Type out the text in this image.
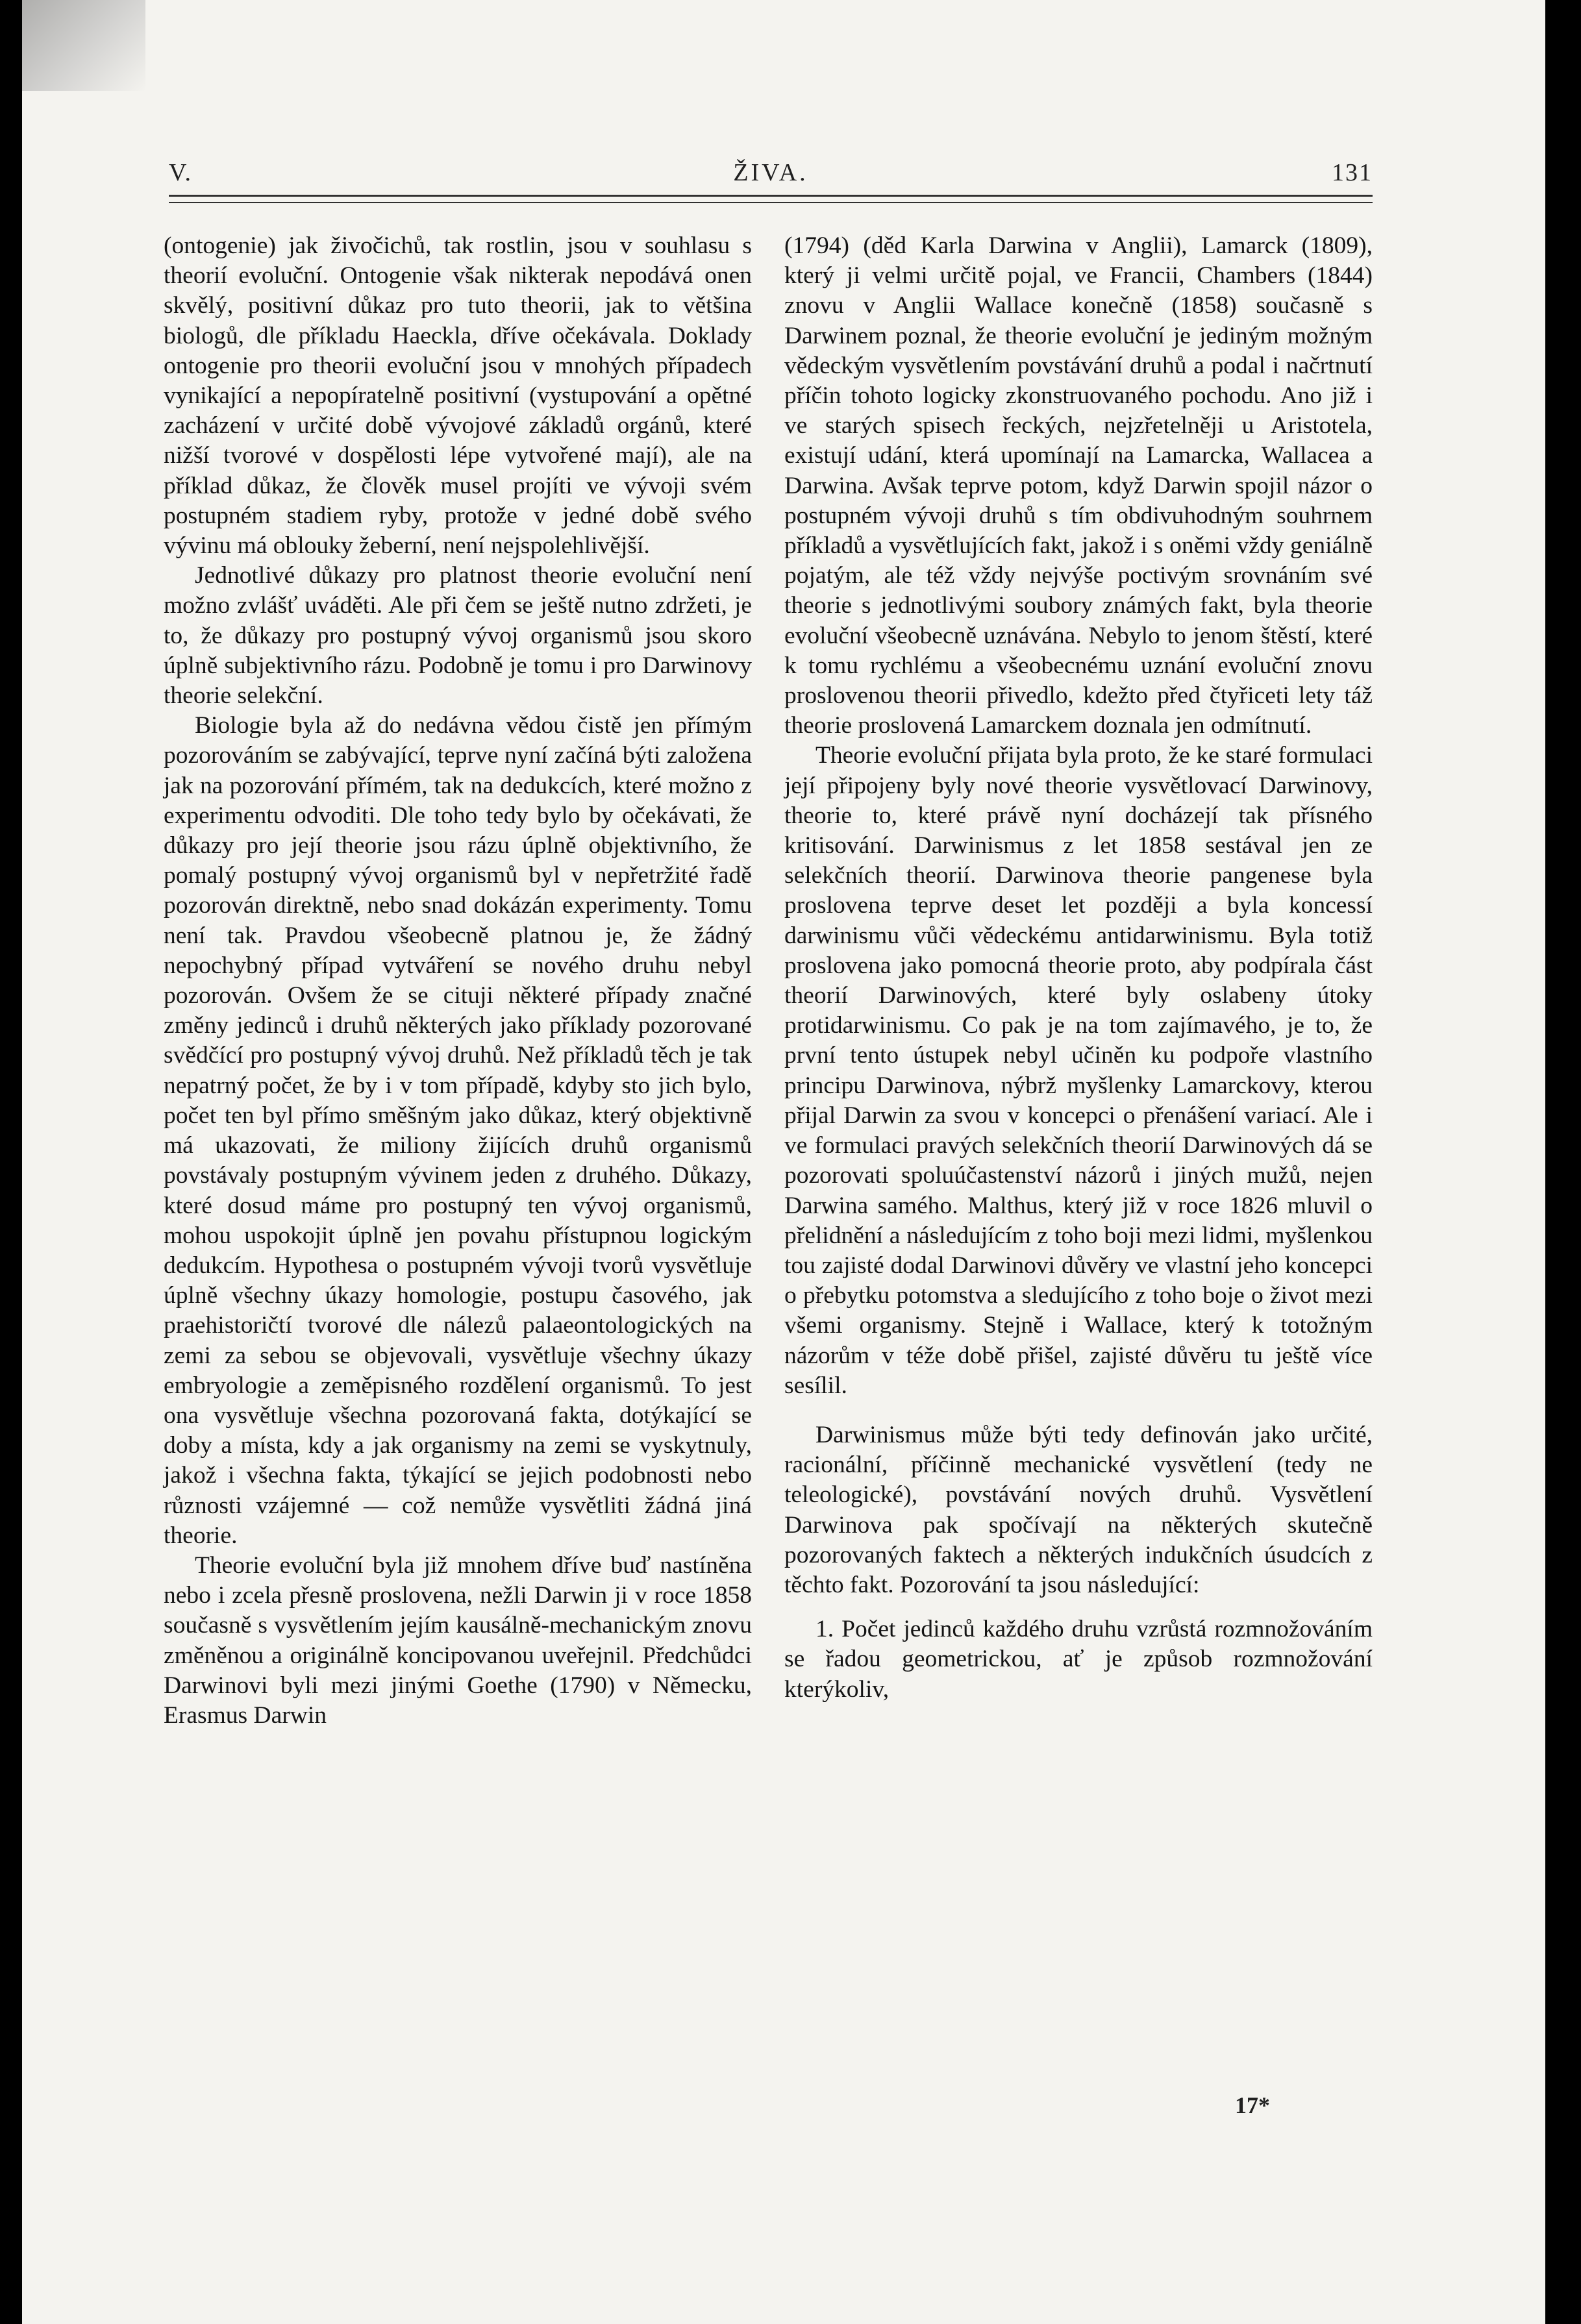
V.	ŽIVA.	131

(ontogenie) jak živočichů, tak rostlin, jsou v souhlasu s theorií evoluční. Ontogenie však nikterak nepodává onen skvělý, positivní důkaz pro tuto theorii, jak to většina biologů, dle příkladu Haeckla, dříve očekávala. Doklady ontogenie pro theorii evoluční jsou v mnohých případech vynikající a nepopíratelně positivní (vystupování a opětné zacházení v určité době vývojové základů orgánů, které nižší tvorové v dospělosti lépe vytvořené mají), ale na příklad důkaz, že člověk musel projíti ve vývoji svém postupném stadiem ryby, protože v jedné době svého vývinu má oblouky žeberní, není nejspolehlivější.

Jednotlivé důkazy pro platnost theorie evoluční není možno zvlášť uváděti. Ale při čem se ještě nutno zdržeti, je to, že důkazy pro postupný vývoj organismů jsou skoro úplně subjektivního rázu. Podobně je tomu i pro Darwinovy theorie selekční.

Biologie byla až do nedávna vědou čistě jen přímým pozorováním se zabývající, teprve nyní začíná býti založena jak na pozorování přímém, tak na dedukcích, které možno z experimentu odvoditi. Dle toho tedy bylo by očekávati, že důkazy pro její theorie jsou rázu úplně objektivního, že pomalý postupný vývoj organismů byl v nepřetržité řadě pozorován direktně, nebo snad dokázán experimenty. Tomu není tak. Pravdou všeobecně platnou je, že žádný nepochybný případ vytváření se nového druhu nebyl pozorován. Ovšem že se cituji některé případy značné změny jedinců i druhů některých jako příklady pozorované svědčící pro postupný vývoj druhů. Než příkladů těch je tak nepatrný počet, že by i v tom případě, kdyby sto jich bylo, počet ten byl přímo směšným jako důkaz, který objektivně má ukazovati, že miliony žijících druhů organismů povstávaly postupným vývinem jeden z druhého. Důkazy, které dosud máme pro postupný ten vývoj organismů, mohou uspokojit úplně jen povahu přístupnou logickým dedukcím. Hypothesa o postupném vývoji tvorů vysvětluje úplně všechny úkazy homologie, postupu časového, jak praehistoričtí tvorové dle nálezů palaeontologických na zemi za sebou se objevovali, vysvětluje všechny úkazy embryologie a zeměpisného rozdělení organismů. To jest ona vysvětluje všechna pozorovaná fakta, dotýkající se doby a místa, kdy a jak organismy na zemi se vyskytnuly, jakož i všechna fakta, týkající se jejich podobnosti nebo různosti vzájemné — což nemůže vysvětliti žádná jiná theorie.

Theorie evoluční byla již mnohem dříve buď nastíněna nebo i zcela přesně proslovena, nežli Darwin ji v roce 1858 současně s vysvětlením jejím kausálně-mechanickým znovu změněnou a originálně koncipovanou uveřejnil. Předchůdci Darwinovi byli mezi jinými Goethe (1790) v Německu, Erasmus Darwin

(1794) (děd Karla Darwina v Anglii), Lamarck (1809), který ji velmi určitě pojal, ve Francii, Chambers (1844) znovu v Anglii Wallace konečně (1858) současně s Darwinem poznal, že theorie evoluční je jediným možným vědeckým vysvětlením povstávání druhů a podal i načrtnutí příčin tohoto logicky zkonstruovaného pochodu. Ano již i ve starých spisech řeckých, nejzřetelněji u Aristotela, existují udání, která upomínají na Lamarcka, Wallacea a Darwina. Avšak teprve potom, když Darwin spojil názor o postupném vývoji druhů s tím obdivuhodným souhrnem příkladů a vysvětlujících fakt, jakož i s oněmi vždy geniálně pojatým, ale též vždy nejvýše poctivým srovnáním své theorie s jednotlivými soubory známých fakt, byla theorie evoluční všeobecně uznávána. Nebylo to jenom štěstí, které k tomu rychlému a všeobecnému uznání evoluční znovu proslovenou theorii přivedlo, kdežto před čtyřiceti lety táž theorie proslovená Lamarckem doznala jen odmítnutí.

Theorie evoluční přijata byla proto, že ke staré formulaci její připojeny byly nové theorie vysvětlovací Darwinovy, theorie to, které právě nyní docházejí tak přísného kritisování. Darwinismus z let 1858 sestával jen ze selekčních theorií. Darwinova theorie pangenese byla proslovena teprve deset let později a byla koncessí darwinismu vůči vědeckému antidarwinismu. Byla totiž proslovena jako pomocná theorie proto, aby podpírala část theorií Darwinových, které byly oslabeny útoky protidarwinismu. Co pak je na tom zajímavého, je to, že první tento ústupek nebyl učiněn ku podpoře vlastního principu Darwinova, nýbrž myšlenky Lamarckovy, kterou přijal Darwin za svou v koncepci o přenášení variací. Ale i ve formulaci pravých selekčních theorií Darwinových dá se pozorovati spoluúčastenství názorů i jiných mužů, nejen Darwina samého. Malthus, který již v roce 1826 mluvil o přelidnění a následujícím z toho boji mezi lidmi, myšlenkou tou zajisté dodal Darwinovi důvěry ve vlastní jeho koncepci o přebytku potomstva a sledujícího z toho boje o život mezi všemi organismy. Stejně i Wallace, který k totožným názorům v téže době přišel, zajisté důvěru tu ještě více sesílil.

Darwinismus může býti tedy definován jako určité, racionální, příčinně mechanické vysvětlení (tedy ne teleologické), povstávání nových druhů. Vysvětlení Darwinova pak spočívají na některých skutečně pozorovaných faktech a některých indukčních úsudcích z těchto fakt. Pozorování ta jsou následující:

1. Počet jedinců každého druhu vzrůstá rozmnožováním se řadou geometrickou, ať je způsob rozmnožování kterýkoliv,

17*
